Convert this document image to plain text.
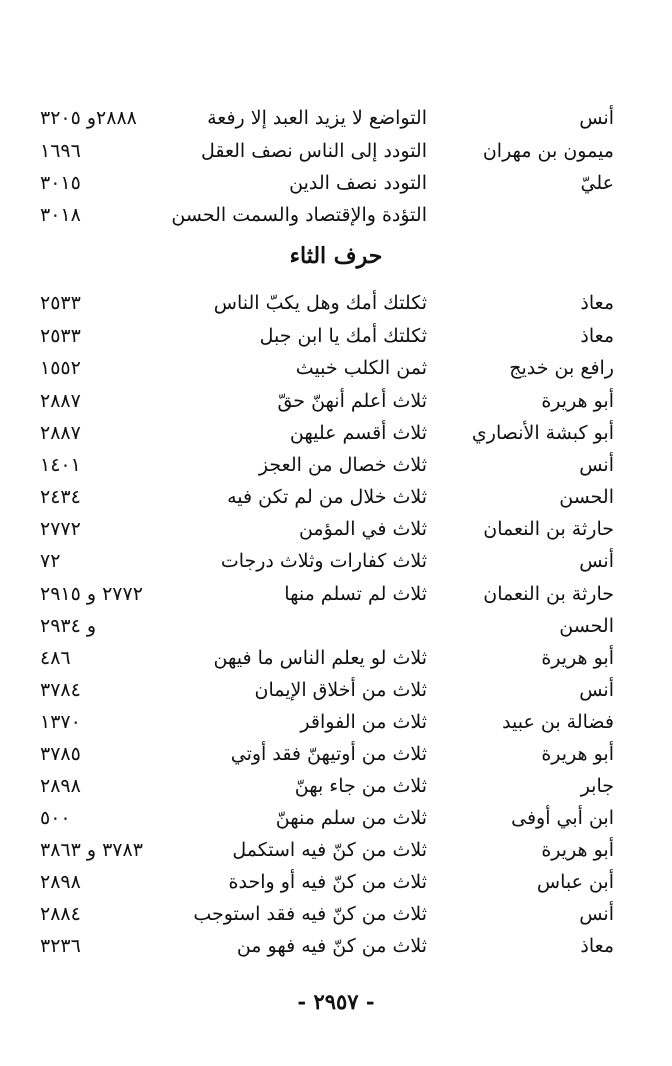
أنس
التواضع لا يزيد العبد إلا رفعة
٢٨٨٨و ٣٢٠٥
ميمون بن مهران
التودد إلى الناس نصف العقل
١٦٩٦
عليّ
التودد نصف الدين
٣٠١٥
التؤدة والإقتصاد والسمت الحسن
٣٠١٨
حرف الثاء
معاذ
ثكلتك أمك وهل يكبّ الناس
٢٥٣٣
معاذ
ثكلتك أمك يا ابن جبل
٢٥٣٣
رافع بن خديج
ثمن الكلب خبيث
١٥٥٢
أبو هريرة
ثلاث أعلم أنهنّ حقّ
٢٨٨٧
أبو كبشة الأنصاري
ثلاث أقسم عليهن
٢٨٨٧
أنس
ثلاث خصال من العجز
١٤٠١
الحسن
ثلاث خلال من لم تكن فيه
٢٤٣٤
حارثة بن النعمان
ثلاث في المؤمن
٢٧٧٢
أنس
ثلاث كفارات وثلاث درجات
٧٢
حارثة بن النعمان
ثلاث لم تسلم منها
٢٧٧٢ و ٢٩١٥
الحسن
و ٢٩٣٤
أبو هريرة
ثلاث لو يعلم الناس ما فيهن
٤٨٦
أنس
ثلاث من أخلاق الإيمان
٣٧٨٤
فضالة بن عبيد
ثلاث من الفواقر
١٣٧٠
أبو هريرة
ثلاث من أوتيهنّ فقد أوتي
٣٧٨٥
جابر
ثلاث من جاء بهنّ
٢٨٩٨
ابن أبي أوفى
ثلاث من سلم منهنّ
٥٠٠
أبو هريرة
ثلاث من كنّ فيه استكمل
٣٧٨٣ و ٣٨٦٣
أبن عباس
ثلاث من كنّ فيه أو واحدة
٢٨٩٨
أنس
ثلاث من كنّ فيه فقد استوجب
٢٨٨٤
معاذ
ثلاث من كنّ فيه فهو من
٣٢٣٦
- ٢٩٥٧ -
